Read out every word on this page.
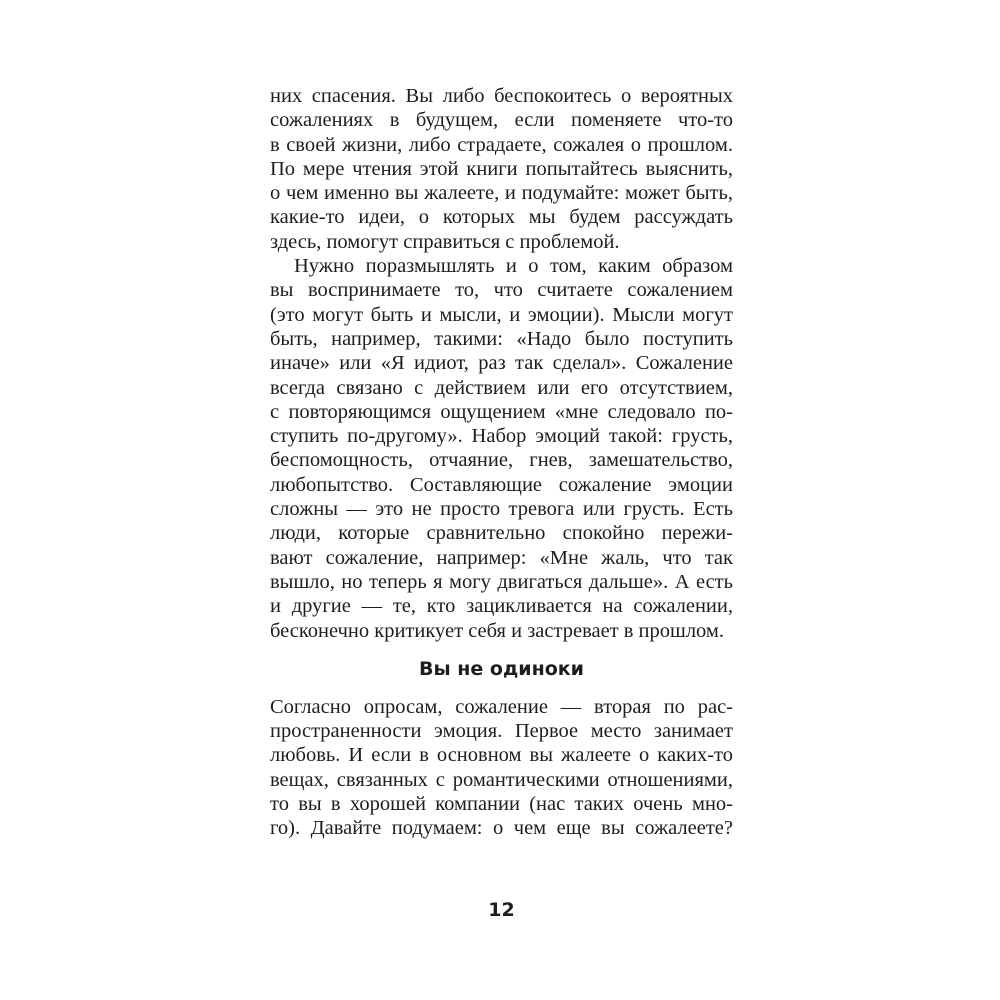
них спасения. Вы либо беспокоитесь о вероятных
сожалениях в будущем, если поменяете что-то
в своей жизни, либо страдаете, сожалея о прошлом.
По мере чтения этой книги попытайтесь выяснить,
о чем именно вы жалеете, и подумайте: может быть,
какие-то идеи, о которых мы будем рассуждать
здесь, помогут справиться с проблемой.
Нужно поразмышлять и о том, каким образом
вы воспринимаете то, что считаете сожалением
(это могут быть и мысли, и эмоции). Мысли могут
быть, например, такими: «Надо было поступить
иначе» или «Я идиот, раз так сделал». Сожаление
всегда связано с действием или его отсутствием,
с повторяющимся ощущением «мне следовало по-
ступить по-другому». Набор эмоций такой: грусть,
беспомощность, отчаяние, гнев, замешательство,
любопытство. Составляющие сожаление эмоции
сложны — это не просто тревога или грусть. Есть
люди, которые сравнительно спокойно пережи-
вают сожаление, например: «Мне жаль, что так
вышло, но теперь я могу двигаться дальше». А есть
и другие — те, кто зацикливается на сожалении,
бесконечно критикует себя и застревает в прошлом.
Вы не одиноки
Согласно опросам, сожаление — вторая по рас-
пространенности эмоция. Первое место занимает
любовь. И если в основном вы жалеете о каких-то
вещах, связанных с романтическими отношениями,
то вы в хорошей компании (нас таких очень мно-
го). Давайте подумаем: о чем еще вы сожалеете?
12
